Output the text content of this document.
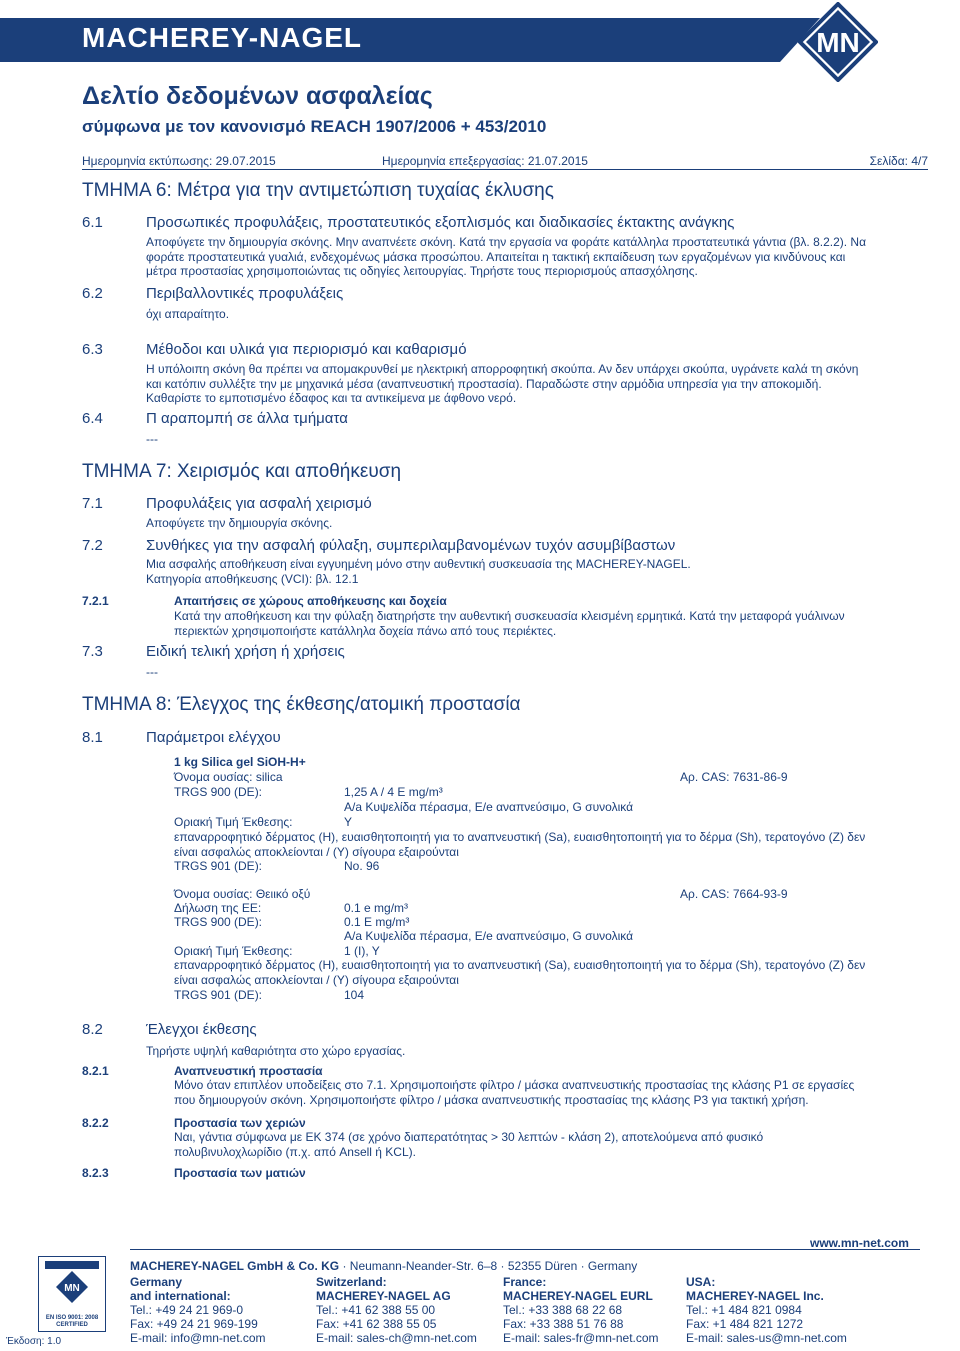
MACHEREY-NAGEL	MN
Δελτίο δεδομένων ασφαλείας
σύμφωνα με τον κανονισμό REACH 1907/2006 + 453/2010
Ημερομηνία εκτύπωσης: 29.07.2015	Ημερομηνία επεξεργασίας: 21.07.2015	Σελίδα: 4/7
ΤΜΗΜΑ 6: Μέτρα για την αντιμετώπιση τυχαίας έκλυσης
6.1	Προσωπικές προφυλάξεις, προστατευτικός εξοπλισμός και διαδικασίες έκτακτης ανάγκης
Αποφύγετε την δημιουργία σκόνης. Μην αναπνέετε σκόνη. Κατά την εργασία να φοράτε κατάλληλα προστατευτικά γάντια (βλ. 8.2.2). Να
φοράτε προστατευτικά γυαλιά, ενδεχομένως μάσκα προσώπου. Απαιτείται η τακτική εκπαίδευση των εργαζομένων για κινδύνους και
μέτρα προστασίας χρησιμοποιώντας τις οδηγίες λειτουργίας. Τηρήστε τους περιορισμούς απασχόλησης.
6.2	Περιβαλλοντικές προφυλάξεις
όχι απαραίτητο.
6.3	Μέθοδοι και υλικά για περιορισμό και καθαρισμό
Η υπόλοιπη σκόνη θα πρέπει να απομακρυνθεί με ηλεκτρική απορροφητική σκούπα. Αν δεν υπάρχει σκούπα, υγράνετε καλά τη σκόνη
και κατόπιν συλλέξτε την με μηχανικά μέσα (αναπνευστική προστασία). Παραδώστε στην αρμόδια υπηρεσία για την αποκομιδή.
Καθαρίστε το εμποτισμένο έδαφος και τα αντικείμενα με άφθονο νερό.
6.4	Π αραπομπή σε άλλα τμήματα
---
ΤΜΗΜΑ 7: Χειρισμός και αποθήκευση
7.1	Προφυλάξεις για ασφαλή χειρισμό
Αποφύγετε την δημιουργία σκόνης.
7.2	Συνθήκες για την ασφαλή φύλαξη, συμπεριλαμβανομένων τυχόν ασυμβίβαστων
Μια ασφαλής αποθήκευση είναι εγγυημένη μόνο στην αυθεντική συσκευασία της MACHEREY-NAGEL.
Κατηγορία αποθήκευσης (VCI): βλ. 12.1
7.2.1	Απαιτήσεις σε χώρους αποθήκευσης και δοχεία
Κατά την αποθήκευση και την φύλαξη διατηρήστε την αυθεντική συσκευασία κλεισμένη ερμητικά. Κατά την μεταφορά γυάλινων
περιεκτών χρησιμοποιήστε κατάλληλα δοχεία πάνω από τους περιέκτες.
7.3	Ειδική τελική χρήση ή χρήσεις
---
ΤΜΗΜΑ 8: Έλεγχος της έκθεσης/ατομική προστασία
8.1	Παράμετροι ελέγχου
1 kg Silica gel SiOH-H+
Όνομα ουσίας: silica	Αρ. CAS: 7631-86-9
TRGS 900 (DE):	1,25 A / 4 E mg/m³
A/a Κυψελίδα πέρασμα, E/e αναπνεύσιμο, G συνολικά
Οριακή Τιμή Έκθεσης:	Y
επαναρροφητικό δέρματος (H), ευαισθητοποιητή για το αναπνευστική (Sa), ευαισθητοποιητή για το δέρμα (Sh), τερατογόνο (Z) δεν
είναι ασφαλώς αποκλείονται / (Y) σίγουρα εξαιρούνται
TRGS 901 (DE):	No. 96
Όνομα ουσίας: Θειικό οξύ	Αρ. CAS: 7664-93-9
Δήλωση της ΕΕ:	0.1 e mg/m³
TRGS 900 (DE):	0.1 E mg/m³
A/a Κυψελίδα πέρασμα, E/e αναπνεύσιμο, G συνολικά
Οριακή Τιμή Έκθεσης:	1 (I), Y
επαναρροφητικό δέρματος (H), ευαισθητοποιητή για το αναπνευστική (Sa), ευαισθητοποιητή για το δέρμα (Sh), τερατογόνο (Z) δεν
είναι ασφαλώς αποκλείονται / (Y) σίγουρα εξαιρούνται
TRGS 901 (DE):	104
8.2	Έλεγχοι έκθεσης
Τηρήστε υψηλή καθαριότητα στο χώρο εργασίας.
8.2.1	Αναπνευστική προστασία
Μόνο όταν επιπλέον υποδείξεις στο 7.1. Χρησιμοποιήστε φίλτρο / μάσκα αναπνευστικής προστασίας της κλάσης P1 σε εργασίες
που δημιουργούν σκόνη. Χρησιμοποιήστε φίλτρο / μάσκα αναπνευστικής προστασίας της κλάσης P3 για τακτική χρήση.
8.2.2	Προστασία των χεριών
Ναι, γάντια σύμφωνα με ΕΚ 374 (σε χρόνο διαπερατότητας > 30 λεπτών - κλάση 2), αποτελούμενα από φυσικό
πολυβινυλοχλωρίδιο (π.χ. από Ansell ή KCL).
8.2.3	Προστασία των ματιών
www.mn-net.com
MN
EN ISO 9001: 2008
CERTIFIED
MACHEREY-NAGEL GmbH & Co. KG · Neumann-Neander-Str. 6–8 · 52355 Düren · Germany
Germany
and international:
Tel.: +49 24 21 969-0
Fax: +49 24 21 969-199
E-mail: info@mn-net.com
Switzerland:
MACHEREY-NAGEL AG
Tel.: +41 62 388 55 00
Fax: +41 62 388 55 05
E-mail: sales-ch@mn-net.com
France:
MACHEREY-NAGEL EURL
Tel.: +33 388 68 22 68
Fax: +33 388 51 76 88
E-mail: sales-fr@mn-net.com
USA:
MACHEREY-NAGEL Inc.
Tel.: +1 484 821 0984
Fax: +1 484 821 1272
E-mail: sales-us@mn-net.com
Έκδοση: 1.0
